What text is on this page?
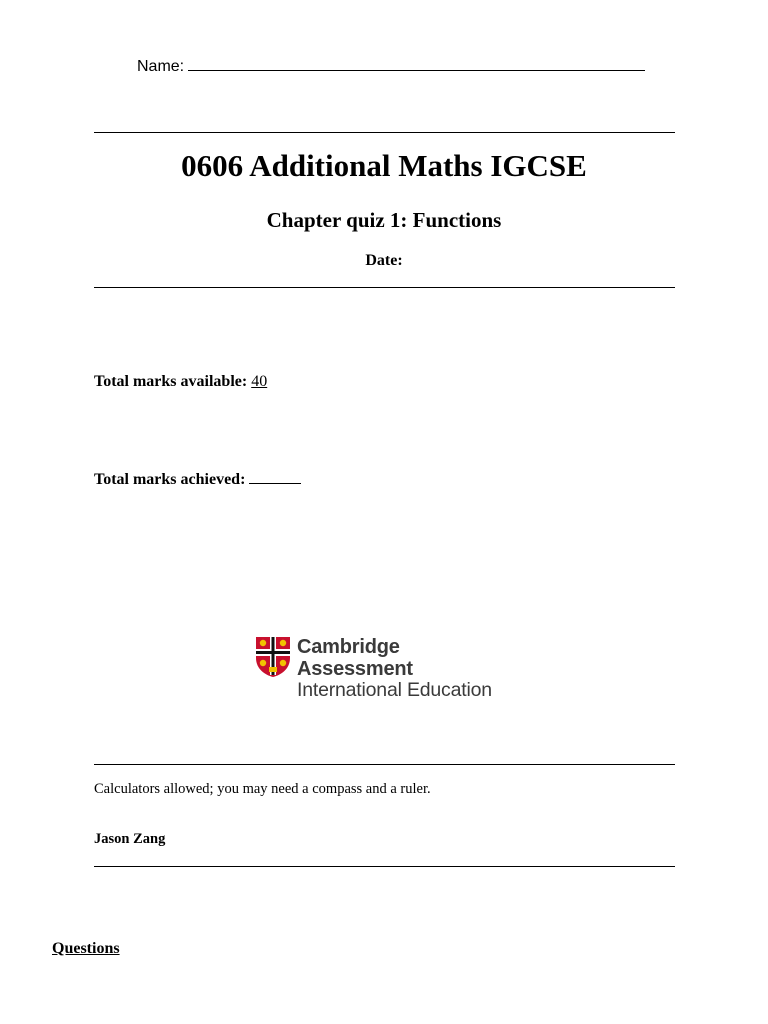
Name:
0606 Additional Maths IGCSE
Chapter quiz 1: Functions
Date:
Total marks available: 40
Total marks achieved:
Cambridge Assessment
International Education
Calculators allowed; you may need a compass and a ruler.
Jason Zang
Questions
